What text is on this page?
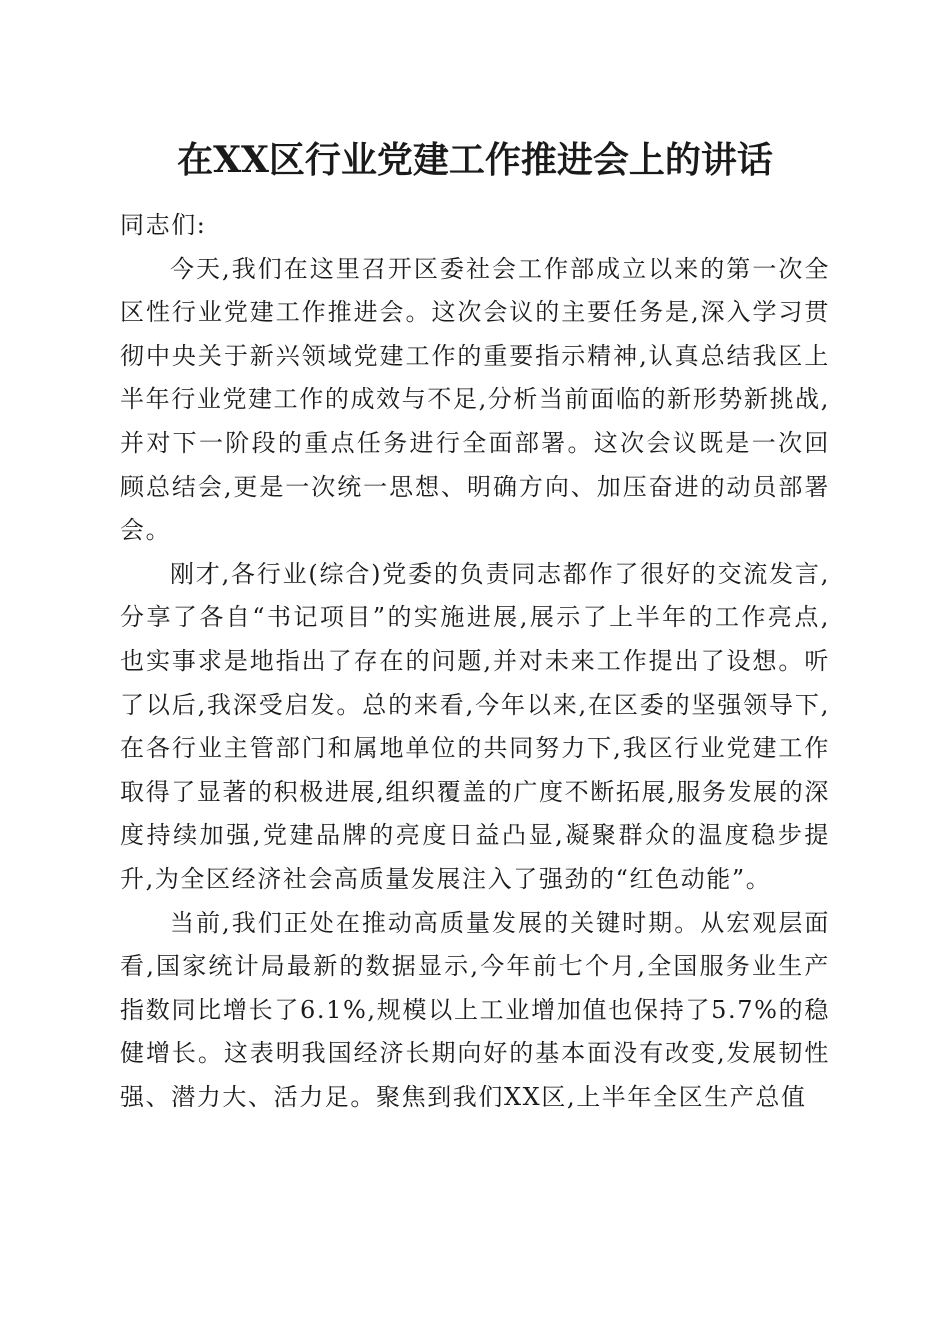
在XX区行业党建工作推进会上的讲话

同志们:

今天,我们在这里召开区委社会工作部成立以来的第一次全区性行业党建工作推进会。这次会议的主要任务是,深入学习贯彻中央关于新兴领域党建工作的重要指示精神,认真总结我区上半年行业党建工作的成效与不足,分析当前面临的新形势新挑战,并对下一阶段的重点任务进行全面部署。这次会议既是一次回顾总结会,更是一次统一思想、明确方向、加压奋进的动员部署会。

刚才,各行业(综合)党委的负责同志都作了很好的交流发言,分享了各自“书记项目”的实施进展,展示了上半年的工作亮点,也实事求是地指出了存在的问题,并对未来工作提出了设想。听了以后,我深受启发。总的来看,今年以来,在区委的坚强领导下,在各行业主管部门和属地单位的共同努力下,我区行业党建工作取得了显著的积极进展,组织覆盖的广度不断拓展,服务发展的深度持续加强,党建品牌的亮度日益凸显,凝聚群众的温度稳步提升,为全区经济社会高质量发展注入了强劲的“红色动能”。

当前,我们正处在推动高质量发展的关键时期。从宏观层面看,国家统计局最新的数据显示,今年前七个月,全国服务业生产指数同比增长了6.1%,规模以上工业增加值也保持了5.7%的稳健增长。这表明我国经济长期向好的基本面没有改变,发展韧性强、潜力大、活力足。聚焦到我们XX区,上半年全区生产总值
